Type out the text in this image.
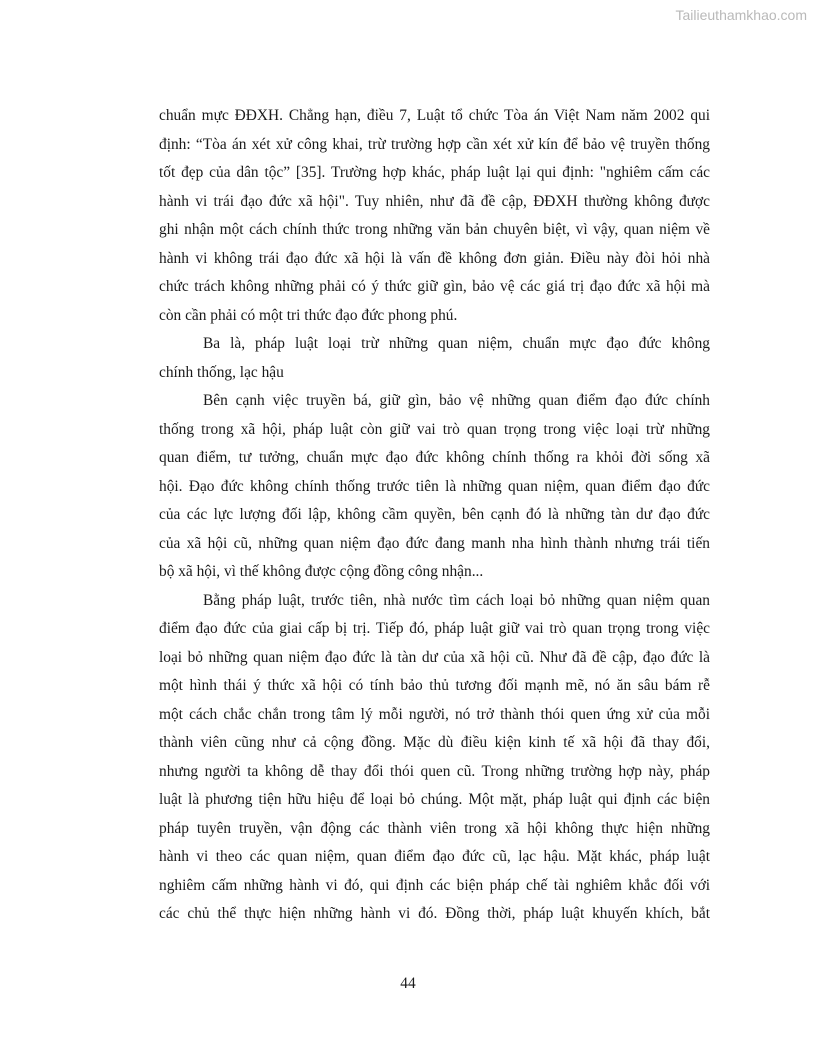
Tailieuthamkhao.com
chuẩn mực ĐĐXH. Chẳng hạn, điều 7, Luật tổ chức Tòa án Việt Nam năm 2002 qui
định: “Tòa án xét xử công khai, trừ trường hợp cần xét xử kín để bảo vệ truyền thống
tốt đẹp của dân tộc” [35]. Trường hợp khác, pháp luật lại qui định: "nghiêm cấm các
hành vi trái đạo đức xã hội". Tuy nhiên, như đã đề cập, ĐĐXH thường không được
ghi nhận một cách chính thức trong những văn bản chuyên biệt, vì vậy, quan niệm về
hành vi không trái đạo đức xã hội là vấn đề không đơn giản. Điều này đòi hỏi nhà
chức trách không những phải có ý thức giữ gìn, bảo vệ các giá trị đạo đức xã hội mà
còn cần phải có một tri thức đạo đức phong phú.
Ba là, pháp luật loại trừ những quan niệm, chuẩn mực đạo đức không
chính thống, lạc hậu
Bên cạnh việc truyền bá, giữ gìn, bảo vệ những quan điểm đạo đức chính
thống trong xã hội, pháp luật còn giữ vai trò quan trọng trong việc loại trừ những
quan điểm, tư tưởng, chuẩn mực đạo đức không chính thống ra khỏi đời sống xã
hội. Đạo đức không chính thống trước tiên là những quan niệm, quan điểm đạo đức
của các lực lượng đối lập, không cầm quyền, bên cạnh đó là những tàn dư đạo đức
của xã hội cũ, những quan niệm đạo đức đang manh nha hình thành nhưng trái tiến
bộ xã hội, vì thế không được cộng đồng công nhận...
Bằng pháp luật, trước tiên, nhà nước tìm cách loại bỏ những quan niệm quan
điểm đạo đức của giai cấp bị trị. Tiếp đó, pháp luật giữ vai trò quan trọng trong việc
loại bỏ những quan niệm đạo đức là tàn dư của xã hội cũ. Như đã đề cập, đạo đức là
một hình thái ý thức xã hội có tính bảo thủ tương đối mạnh mẽ, nó ăn sâu bám rễ
một cách chắc chắn trong tâm lý mỗi người, nó trở thành thói quen ứng xử của mỗi
thành viên cũng như cả cộng đồng. Mặc dù điều kiện kinh tế xã hội đã thay đổi,
nhưng người ta không dễ thay đổi thói quen cũ. Trong những trường hợp này, pháp
luật là phương tiện hữu hiệu để loại bỏ chúng. Một mặt, pháp luật qui định các biện
pháp tuyên truyền, vận động các thành viên trong xã hội không thực hiện những
hành vi theo các quan niệm, quan điểm đạo đức cũ, lạc hậu. Mặt khác, pháp luật
nghiêm cấm những hành vi đó, qui định các biện pháp chế tài nghiêm khắc đối với
các chủ thể thực hiện những hành vi đó. Đồng thời, pháp luật khuyến khích, bắt
44
